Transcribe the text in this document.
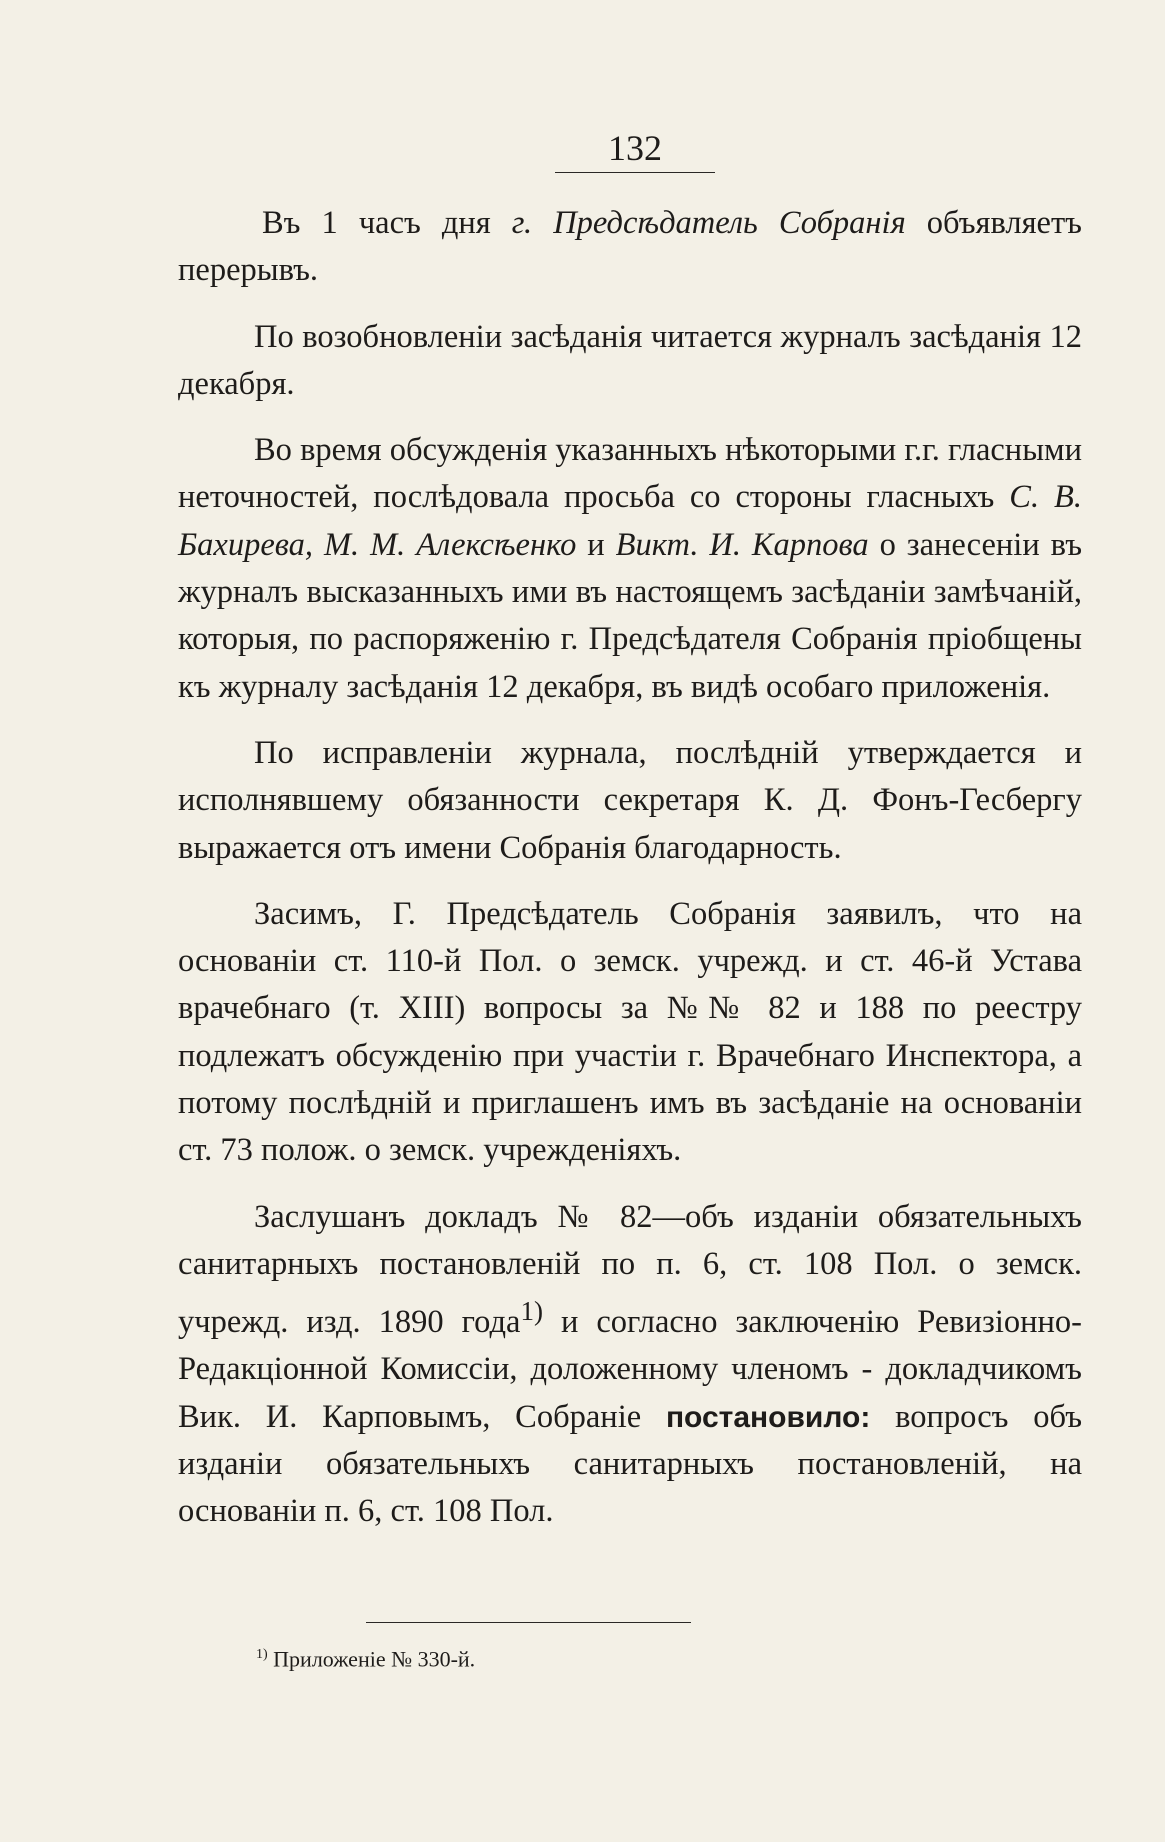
132

Въ 1 часъ дня г. Предсѣдатель Собранія объявляетъ перерывъ.

По возобновленіи засѣданія читается журналъ засѣданія 12 декабря.

Во время обсужденія указанныхъ нѣкоторыми г.г. гласными неточностей, послѣдовала просьба со стороны гласныхъ С. В. Бахирева, М. М. Алексѣенко и Викт. И. Карпова о занесеніи въ журналъ высказанныхъ ими въ настоящемъ засѣданіи замѣчаній, которыя, по распоряженію г. Предсѣдателя Собранія пріобщены къ журналу засѣданія 12 декабря, въ видѣ особаго приложенія.

По исправленіи журнала, послѣдній утверждается и исполнявшему обязанности секретаря К. Д. Фонъ-Гесбергу выражается отъ имени Собранія благодарность.

Засимъ, Г. Предсѣдатель Собранія заявилъ, что на основаніи ст. 110-й Пол. о земск. учрежд. и ст. 46-й Устава врачебнаго (т. XIII) вопросы за №№ 82 и 188 по реестру подлежатъ обсужденію при участіи г. Врачебнаго Инспектора, а потому послѣдній и приглашенъ имъ въ засѣданіе на основаніи ст. 73 полож. о земск. учрежденіяхъ.

Заслушанъ докладъ № 82—объ изданіи обязательныхъ санитарныхъ постановленій по п. 6, ст. 108 Пол. о земск. учрежд. изд. 1890 года$^{1)}$ и согласно заключенію Ревизіонно-Редакціонной Комиссіи, доложенному членомъ - докладчикомъ Вик. И. Карповымъ, Собраніе постановило: вопросъ объ изданіи обязательныхъ санитарныхъ постановленій, на основаніи п. 6, ст. 108 Пол.

$^{1)}$ Приложеніе № 330-й.
